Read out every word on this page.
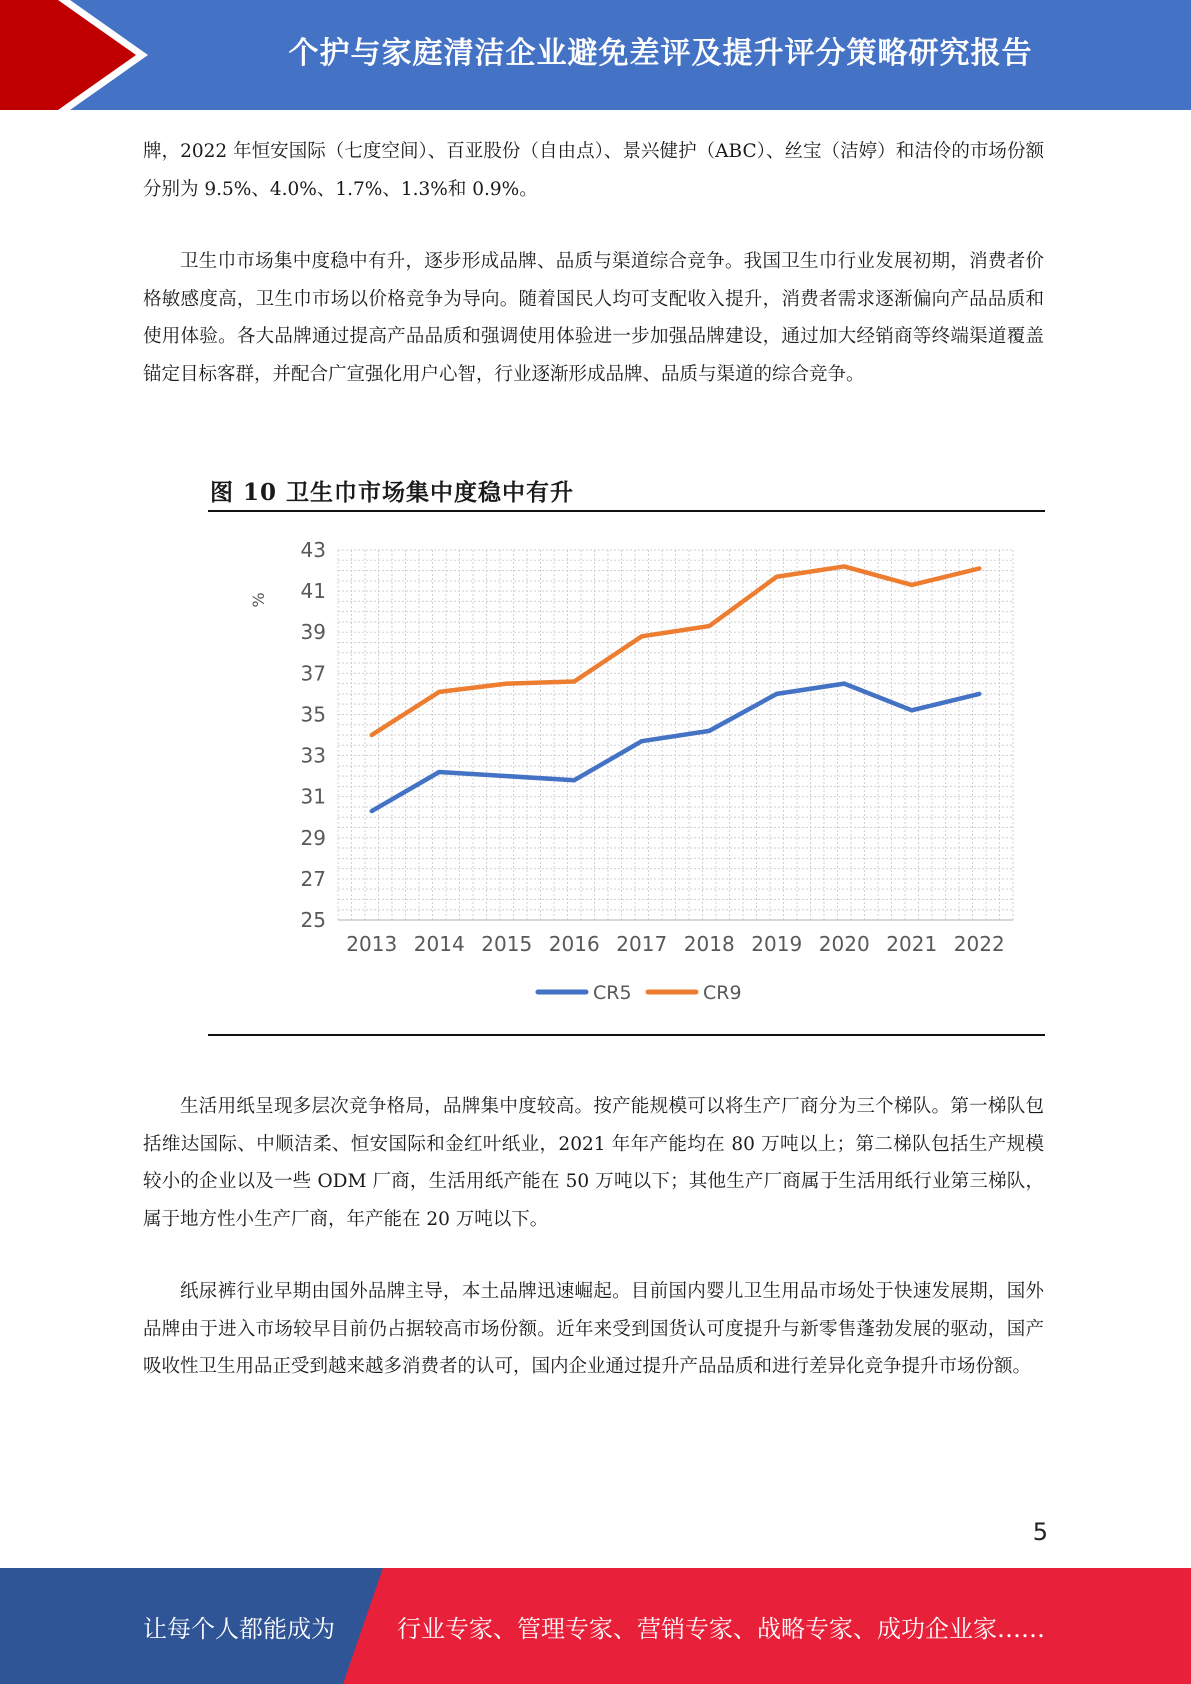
个护与家庭清洁企业避免差评及提升评分策略研究报告

牌，2022 年恒安国际（七度空间）、百亚股份（自由点）、景兴健护（ABC）、丝宝（洁婷）和洁伶的市场份额分别为 9.5%、4.0%、1.7%、1.3%和 0.9%。

卫生巾市场集中度稳中有升，逐步形成品牌、品质与渠道综合竞争。我国卫生巾行业发展初期，消费者价格敏感度高，卫生巾市场以价格竞争为导向。随着国民人均可支配收入提升，消费者需求逐渐偏向产品品质和使用体验。各大品牌通过提高产品品质和强调使用体验进一步加强品牌建设，通过加大经销商等终端渠道覆盖锚定目标客群，并配合广宣强化用户心智，行业逐渐形成品牌、品质与渠道的综合竞争。

图 10 卫生巾市场集中度稳中有升
25
27
29
31
33
35
37
39
41
43
2013 2014 2015 2016 2017 2018 2019 2020 2021 2022
%
CR5	CR9

生活用纸呈现多层次竞争格局，品牌集中度较高。按产能规模可以将生产厂商分为三个梯队。第一梯队包括维达国际、中顺洁柔、恒安国际和金红叶纸业，2021 年年产能均在 80 万吨以上；第二梯队包括生产规模较小的企业以及一些 ODM 厂商，生活用纸产能在 50 万吨以下；其他生产厂商属于生活用纸行业第三梯队，属于地方性小生产厂商，年产能在 20 万吨以下。

纸尿裤行业早期由国外品牌主导，本土品牌迅速崛起。目前国内婴儿卫生用品市场处于快速发展期，国外品牌由于进入市场较早目前仍占据较高市场份额。近年来受到国货认可度提升与新零售蓬勃发展的驱动，国产吸收性卫生用品正受到越来越多消费者的认可，国内企业通过提升产品品质和进行差异化竞争提升市场份额。

5
让每个人都能成为	行业专家、管理专家、营销专家、战略专家、成功企业家……
